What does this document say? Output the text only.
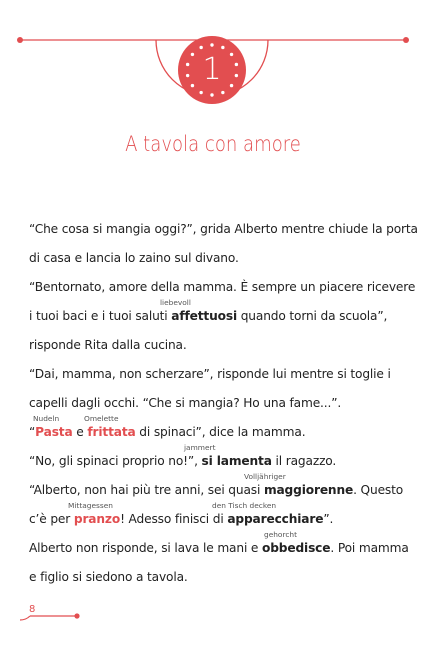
1
A tavola con amore
“Che cosa si mangia oggi?”, grida Alberto mentre chiude la porta
di casa e lancia lo zaino sul divano.
“Bentornato, amore della mamma. È sempre un piacere ricevere
i tuoi baci e i tuoi saluti affettuosi quando torni da scuola”,
risponde Rita dalla cucina.
“Dai, mamma, non scherzare”, risponde lui mentre si toglie i
capelli dagli occhi. “Che si mangia? Ho una fame...”.
“Pasta e frittata di spinaci”, dice la mamma.
“No, gli spinaci proprio no!”, si lamenta il ragazzo.
“Alberto, non hai più tre anni, sei quasi maggiorenne. Questo
c’è per pranzo! Adesso finisci di apparecchiare”.
Alberto non risponde, si lava le mani e obbedisce. Poi mamma
e figlio si siedono a tavola.
liebevoll
Nudeln	Omelette
jammert
Volljähriger
Mittagessen	den Tisch decken
gehorcht
8
